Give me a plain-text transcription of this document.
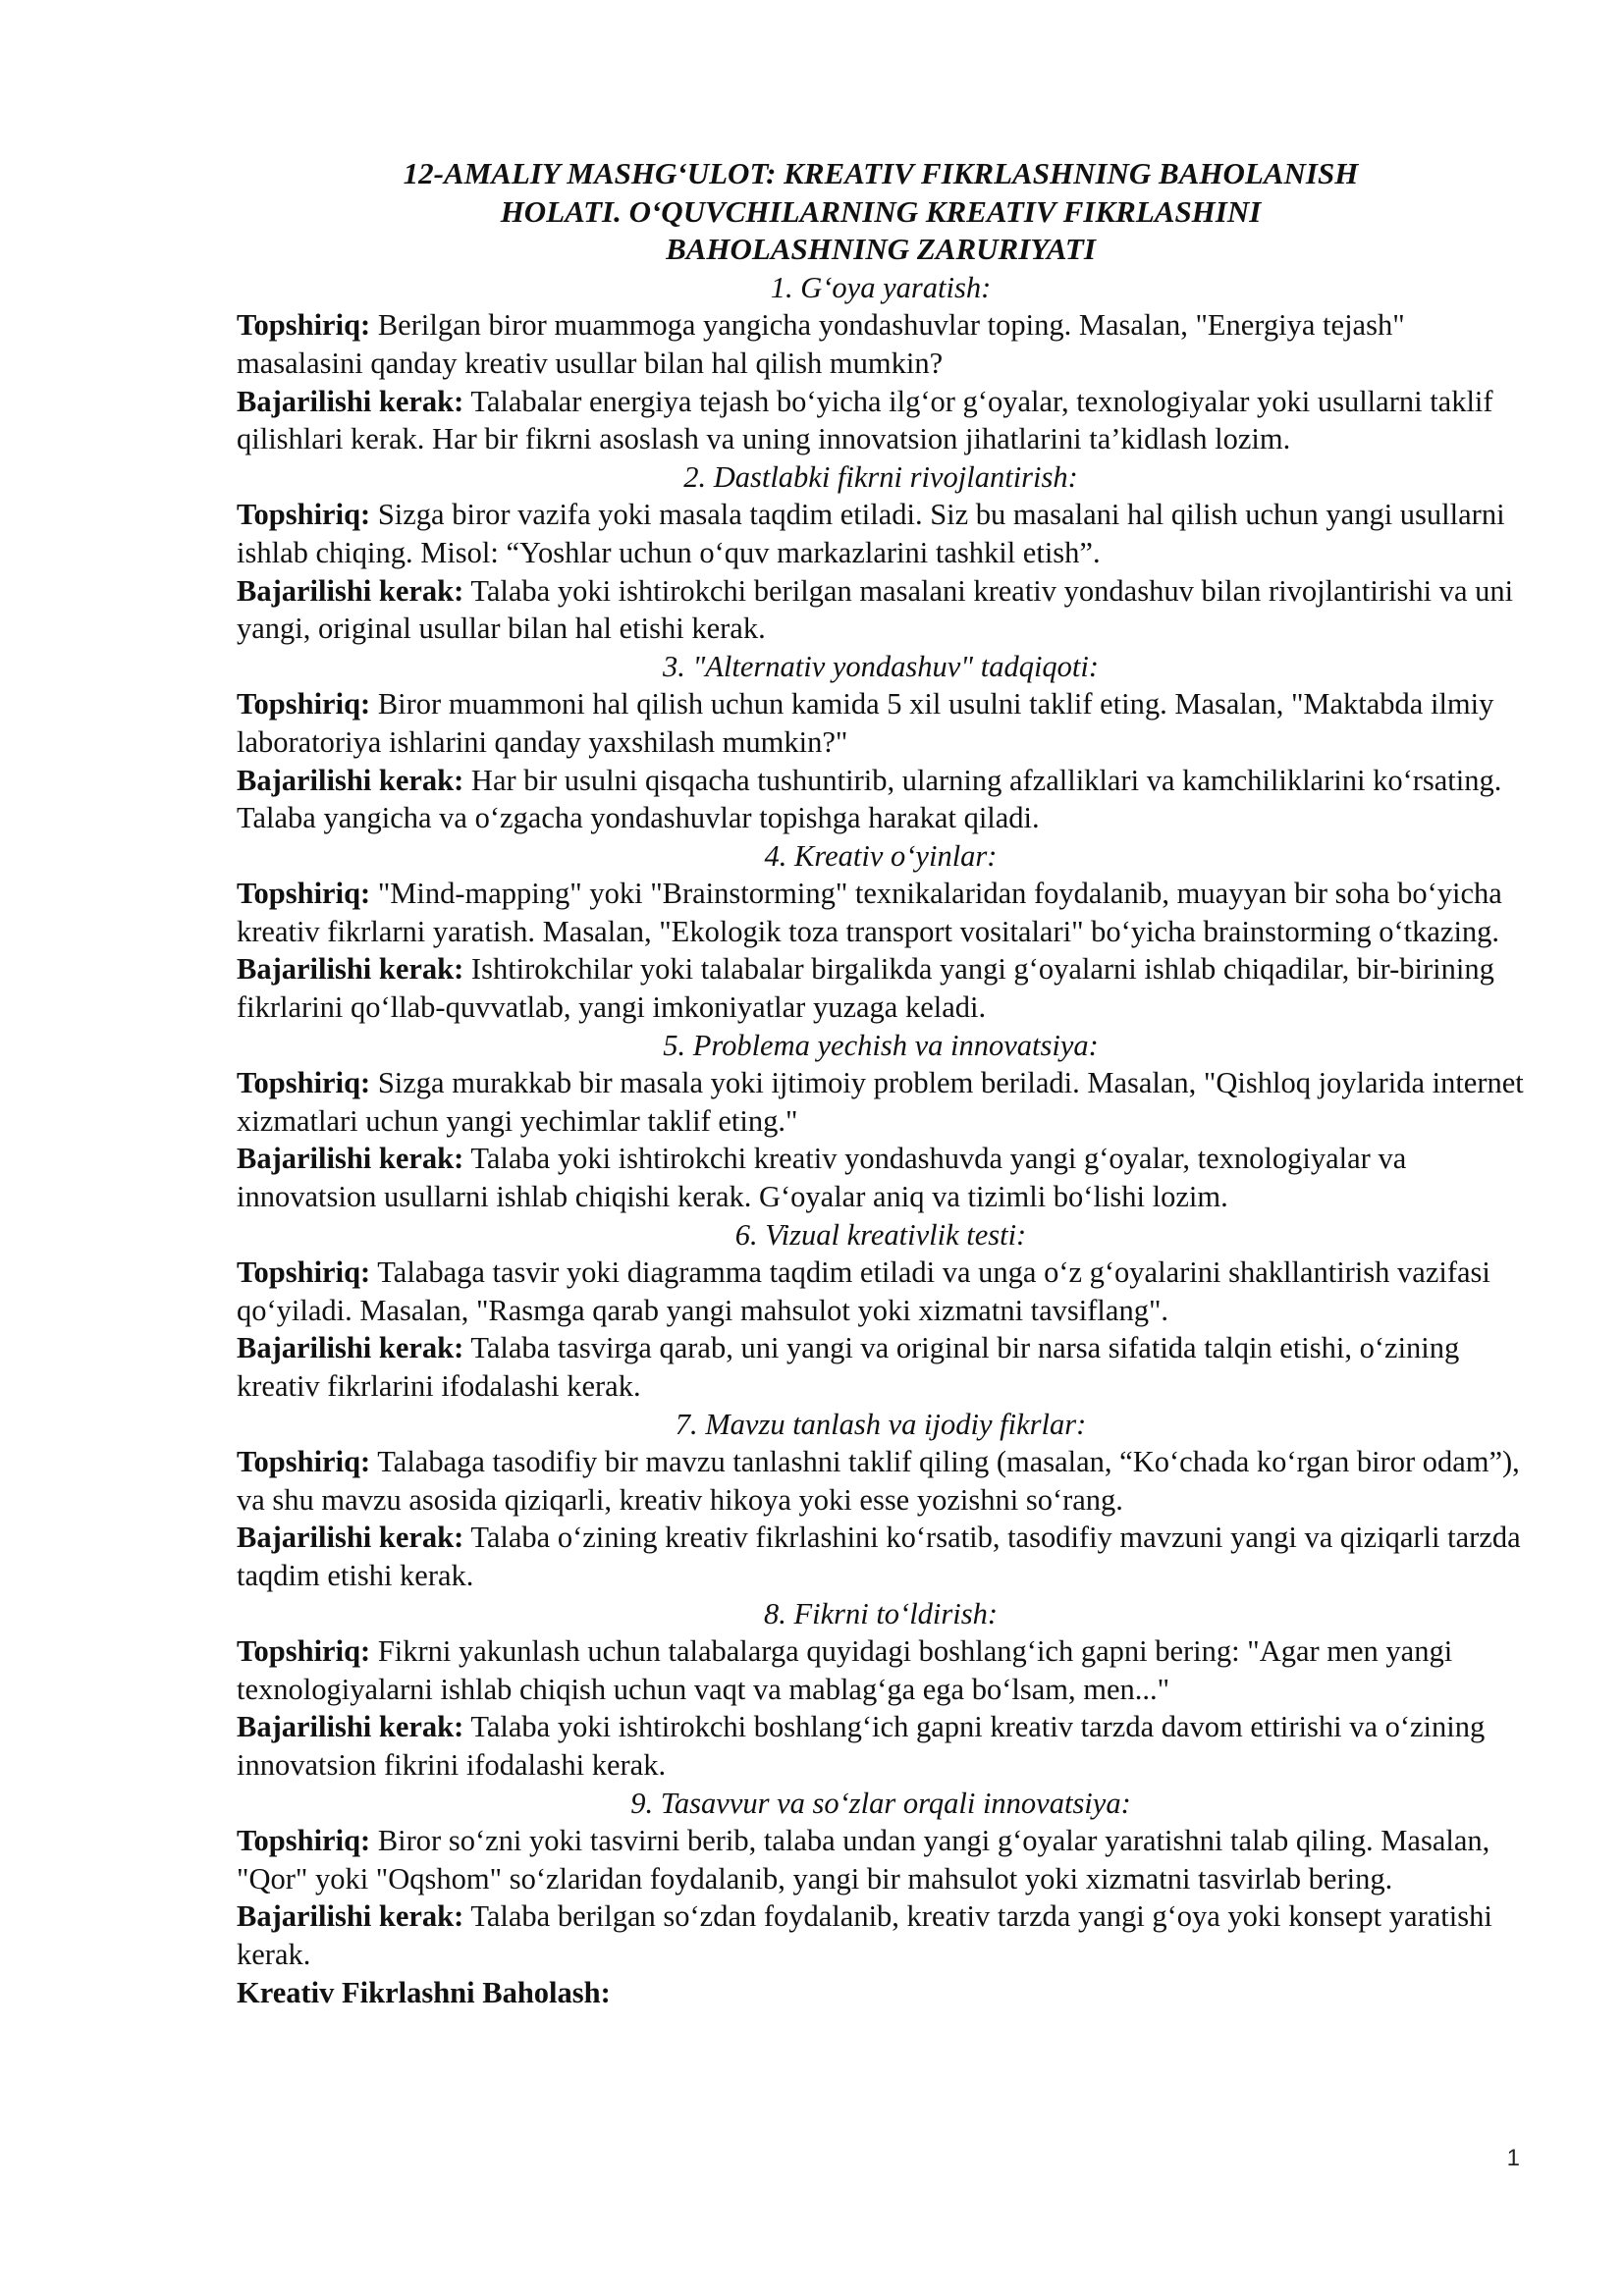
12-AMALIY MASHG‘ULOT: KREATIV FIKRLASHNING BAHOLANISH
HOLATI. O‘QUVCHILARNING KREATIV FIKRLASHINI
BAHOLASHNING ZARURIYATI

1. G‘oya yaratish:

Topshiriq: Berilgan biror muammoga yangicha yondashuvlar toping. Masalan, "Energiya tejash" masalasini qanday kreativ usullar bilan hal qilish mumkin?

Bajarilishi kerak: Talabalar energiya tejash bo‘yicha ilg‘or g‘oyalar, texnologiyalar yoki usullarni taklif qilishlari kerak. Har bir fikrni asoslash va uning innovatsion jihatlarini ta’kidlash lozim.

2. Dastlabki fikrni rivojlantirish:

Topshiriq: Sizga biror vazifa yoki masala taqdim etiladi. Siz bu masalani hal qilish uchun yangi usullarni ishlab chiqing. Misol: “Yoshlar uchun o‘quv markazlarini tashkil etish”.

Bajarilishi kerak: Talaba yoki ishtirokchi berilgan masalani kreativ yondashuv bilan rivojlantirishi va uni yangi, original usullar bilan hal etishi kerak.

3. "Alternativ yondashuv" tadqiqoti:

Topshiriq: Biror muammoni hal qilish uchun kamida 5 xil usulni taklif eting. Masalan, "Maktabda ilmiy laboratoriya ishlarini qanday yaxshilash mumkin?"

Bajarilishi kerak: Har bir usulni qisqacha tushuntirib, ularning afzalliklari va kamchiliklarini ko‘rsating. Talaba yangicha va o‘zgacha yondashuvlar topishga harakat qiladi.

4. Kreativ o‘yinlar:

Topshiriq: "Mind-mapping" yoki "Brainstorming" texnikalaridan foydalanib, muayyan bir soha bo‘yicha kreativ fikrlarni yaratish. Masalan, "Ekologik toza transport vositalari" bo‘yicha brainstorming o‘tkazing.

Bajarilishi kerak: Ishtirokchilar yoki talabalar birgalikda yangi g‘oyalarni ishlab chiqadilar, bir-birining fikrlarini qo‘llab-quvvatlab, yangi imkoniyatlar yuzaga keladi.

5. Problema yechish va innovatsiya:

Topshiriq: Sizga murakkab bir masala yoki ijtimoiy problem beriladi. Masalan, "Qishloq joylarida internet xizmatlari uchun yangi yechimlar taklif eting."

Bajarilishi kerak: Talaba yoki ishtirokchi kreativ yondashuvda yangi g‘oyalar, texnologiyalar va innovatsion usullarni ishlab chiqishi kerak. G‘oyalar aniq va tizimli bo‘lishi lozim.

6. Vizual kreativlik testi:

Topshiriq: Talabaga tasvir yoki diagramma taqdim etiladi va unga o‘z g‘oyalarini shakllantirish vazifasi qo‘yiladi. Masalan, "Rasmga qarab yangi mahsulot yoki xizmatni tavsiflang".

Bajarilishi kerak: Talaba tasvirga qarab, uni yangi va original bir narsa sifatida talqin etishi, o‘zining kreativ fikrlarini ifodalashi kerak.

7. Mavzu tanlash va ijodiy fikrlar:

Topshiriq: Talabaga tasodifiy bir mavzu tanlashni taklif qiling (masalan, “Ko‘chada ko‘rgan biror odam”), va shu mavzu asosida qiziqarli, kreativ hikoya yoki esse yozishni so‘rang.

Bajarilishi kerak: Talaba o‘zining kreativ fikrlashini ko‘rsatib, tasodifiy mavzuni yangi va qiziqarli tarzda taqdim etishi kerak.

8. Fikrni to‘ldirish:

Topshiriq: Fikrni yakunlash uchun talabalarga quyidagi boshlang‘ich gapni bering: "Agar men yangi texnologiyalarni ishlab chiqish uchun vaqt va mablag‘ga ega bo‘lsam, men..."

Bajarilishi kerak: Talaba yoki ishtirokchi boshlang‘ich gapni kreativ tarzda davom ettirishi va o‘zining innovatsion fikrini ifodalashi kerak.

9. Tasavvur va so‘zlar orqali innovatsiya:

Topshiriq: Biror so‘zni yoki tasvirni berib, talaba undan yangi g‘oyalar yaratishni talab qiling. Masalan, "Qor" yoki "Oqshom" so‘zlaridan foydalanib, yangi bir mahsulot yoki xizmatni tasvirlab bering.

Bajarilishi kerak: Talaba berilgan so‘zdan foydalanib, kreativ tarzda yangi g‘oya yoki konsept yaratishi kerak.

Kreativ Fikrlashni Baholash:

1
